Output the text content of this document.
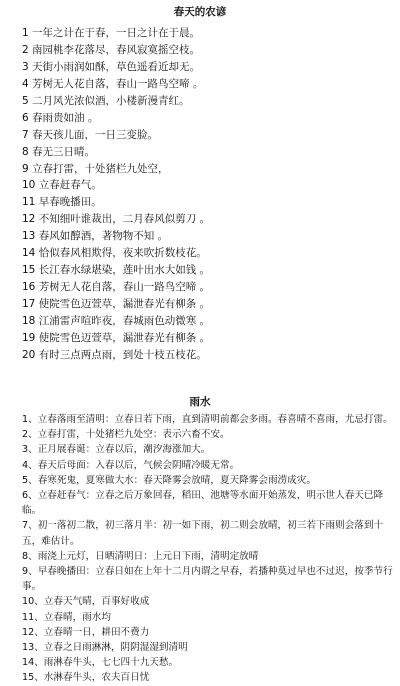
春天的农谚
1 一年之计在于春，一日之计在于晨。
2 南园桃李花落尽，春风寂寞摇空枝。
3 天街小雨润如酥，草色遥看近却无。
4 芳树无人花自落，春山一路鸟空啼 。
5 二月风光浓似酒，小楼新漫青红。
6 春雨贵如油 。
7 春天孩儿面，一日三变脸。
8 春无三日晴。
9 立春打雷，十处猪栏九处空，
10 立春赶春气。
11 早春晚播田。
12 不知细叶谁裁出，二月春风似剪刀 。
13 春风如醇酒，著物物不知 。
14 恰似春风相欺得，夜来吹折数枝花。
15 长江春水绿堪染，莲叶出水大如钱 。
16 芳树无人花自落，春山一路鸟空啼 。
17 使院雪色迈萱草，漏泄春光有柳条 。
18 江浦雷声喧昨夜，春城雨色动微寒 。
19 使院雪色迈萱草，漏泄春光有柳条 。
20 有时三点两点雨，到处十枝五枝花。
雨水
1、立春落雨至清明：立春日若下雨，直到清明前都会多雨。春喜晴不喜雨，尤忌打雷。
2、立春打雷，十处猪栏九处空：表示六畜不安。
3、正月展春诞：立春以后，潮汐海涨加大。
4、春天后母面：入春以后，气候会阴晴冷暖无常。
5、春寒死鬼，夏寒做大水：春天降雾会放晴，夏天降雾会雨涝成灾。
6、立春赶春气：立春之后万象回春，稻田、池塘等水面开始蒸发，明示世人春天已降临。
7、初一落初二散，初三落月半：初一如下雨，初二则会放晴，初三若下雨则会落到十五，难估计。
8、雨浇上元灯，日晒清明日：上元日下雨，清明定放晴
9、早春晚播田：立春日如在上年十二月内谓之早春，若播种莫过早也不过迟，按季节行事。
10、立春天气晴，百事好收成
11、立春晴，雨水均
12、立春晴一日，耕田不费力
13、立春之日雨淋淋，阴阴湿湿到清明
14、雨淋春牛头，七七四十九天愁。
15、水淋春牛头，农夫百日忧
